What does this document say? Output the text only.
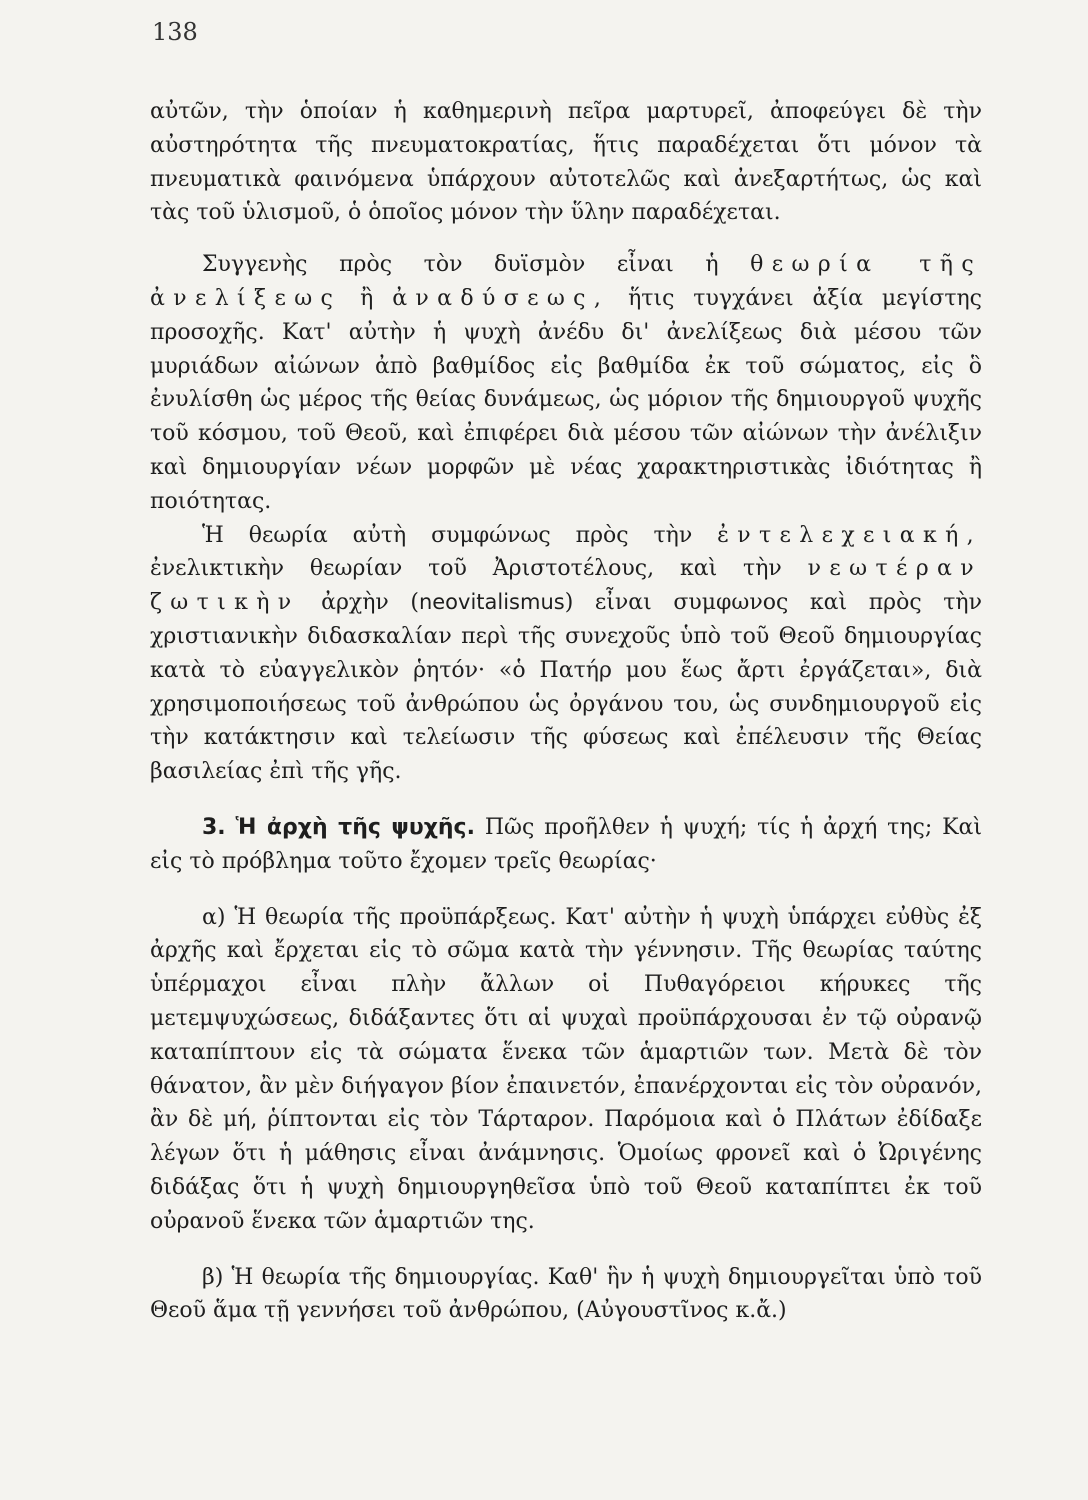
138

αὐτῶν, τὴν ὁποίαν ἡ καθημερινὴ πεῖρα μαρτυρεῖ, ἀποφεύγει δὲ τὴν αὐστηρότητα τῆς πνευματοκρατίας, ἥτις παραδέχεται ὅτι μόνον τὰ πνευματικὰ φαινόμενα ὑπάρχουν αὐτοτελῶς καὶ ἀνεξαρτήτως, ὡς καὶ τὰς τοῦ ὑλισμοῦ, ὁ ὁποῖος μόνον τὴν ὕλην παραδέχεται.

Συγγενὴς πρὸς τὸν δυϊσμὸν εἶναι ἡ θεωρία τῆς ἀνελίξεως ἢ ἀναδύσεως, ἥτις τυγχάνει ἀξία μεγίστης προσοχῆς. Κατ' αὐτὴν ἡ ψυχὴ ἀνέδυ δι' ἀνελίξεως διὰ μέσου τῶν μυριάδων αἰώνων ἀπὸ βαθμίδος εἰς βαθμίδα ἐκ τοῦ σώματος, εἰς ὃ ἐνυλίσθη ὡς μέρος τῆς θείας δυνάμεως, ὡς μόριον τῆς δημιουργοῦ ψυχῆς τοῦ κόσμου, τοῦ Θεοῦ, καὶ ἐπιφέρει διὰ μέσου τῶν αἰώνων τὴν ἀνέλιξιν καὶ δημιουργίαν νέων μορφῶν μὲ νέας χαρακτηριστικὰς ἰδιότητας ἢ ποιότητας.

Ἡ θεωρία αὐτὴ συμφώνως πρὸς τὴν ἐντελεχειακή, ἐνελικτικὴν θεωρίαν τοῦ Ἀριστοτέλους, καὶ τὴν νεωτέραν ζωτικὴν ἀρχὴν (neovitalismus) εἶναι συμφωνος καὶ πρὸς τὴν χριστιανικὴν διδασκαλίαν περὶ τῆς συνεχοῦς ὑπὸ τοῦ Θεοῦ δημιουργίας κατὰ τὸ εὐαγγελικὸν ῥητόν· «ὁ Πατήρ μου ἕως ἄρτι ἐργάζεται», διὰ χρησιμοποιήσεως τοῦ ἀνθρώπου ὡς ὀργάνου του, ὡς συνδημιουργοῦ εἰς τὴν κατάκτησιν καὶ τελείωσιν τῆς φύσεως καὶ ἐπέλευσιν τῆς Θείας βασιλείας ἐπὶ τῆς γῆς.

3. Ἡ ἀρχὴ τῆς ψυχῆς. Πῶς προῆλθεν ἡ ψυχή; τίς ἡ ἀρχή της; Καὶ εἰς τὸ πρόβλημα τοῦτο ἔχομεν τρεῖς θεωρίας·

α) Ἡ θεωρία τῆς προϋπάρξεως. Κατ' αὐτὴν ἡ ψυχὴ ὑπάρχει εὐθὺς ἐξ ἀρχῆς καὶ ἔρχεται εἰς τὸ σῶμα κατὰ τὴν γέννησιν. Τῆς θεωρίας ταύτης ὑπέρμαχοι εἶναι πλὴν ἄλλων οἱ Πυθαγόρειοι κήρυκες τῆς μετεμψυχώσεως, διδάξαντες ὅτι αἱ ψυχαὶ προϋπάρχουσαι ἐν τῷ οὐρανῷ καταπίπτουν εἰς τὰ σώματα ἕνεκα τῶν ἁμαρτιῶν των. Μετὰ δὲ τὸν θάνατον, ἂν μὲν διήγαγον βίον ἐπαινετόν, ἐπανέρχονται εἰς τὸν οὐρανόν, ἂν δὲ μή, ῥίπτονται εἰς τὸν Τάρταρον. Παρόμοια καὶ ὁ Πλάτων ἐδίδαξε λέγων ὅτι ἡ μάθησις εἶναι ἀνάμνησις. Ὁμοίως φρονεῖ καὶ ὁ Ὠριγένης διδάξας ὅτι ἡ ψυχὴ δημιουργηθεῖσα ὑπὸ τοῦ Θεοῦ καταπίπτει ἐκ τοῦ οὐρανοῦ ἕνεκα τῶν ἁμαρτιῶν της.

β) Ἡ θεωρία τῆς δημιουργίας. Καθ' ἣν ἡ ψυχὴ δημιουργεῖται ὑπὸ τοῦ Θεοῦ ἅμα τῇ γεννήσει τοῦ ἀνθρώπου, (Αὐγουστῖνος κ.ἄ.)
